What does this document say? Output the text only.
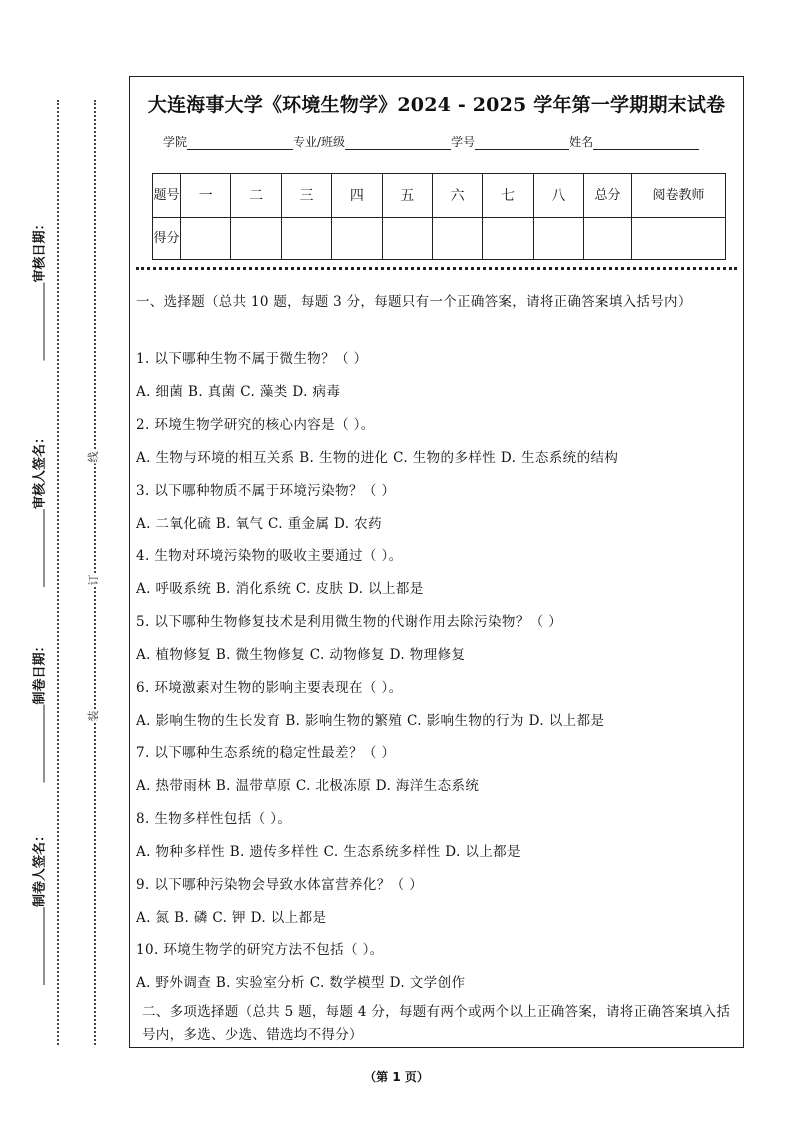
审核日期：
审核人签名：
制卷日期：
制卷人签名：
线
订
装
大连海事大学《环境生物学》2024 - 2025 学年第一学期期末试卷
学院	专业/班级	学号	姓名
题号	一	二	三	四	五	六	七	八	总分	阅卷教师
得分										
一、选择题（总共 10 题，每题 3 分，每题只有一个正确答案，请将正确答案填入括号内）
1. 以下哪种生物不属于微生物？（ ）
A. 细菌 B. 真菌 C. 藻类 D. 病毒
2. 环境生物学研究的核心内容是（ ）。
A. 生物与环境的相互关系 B. 生物的进化 C. 生物的多样性 D. 生态系统的结构
3. 以下哪种物质不属于环境污染物？（ ）
A. 二氧化硫 B. 氧气 C. 重金属 D. 农药
4. 生物对环境污染物的吸收主要通过（ ）。
A. 呼吸系统 B. 消化系统 C. 皮肤 D. 以上都是
5. 以下哪种生物修复技术是利用微生物的代谢作用去除污染物？（ ）
A. 植物修复 B. 微生物修复 C. 动物修复 D. 物理修复
6. 环境激素对生物的影响主要表现在（ ）。
A. 影响生物的生长发育 B. 影响生物的繁殖 C. 影响生物的行为 D. 以上都是
7. 以下哪种生态系统的稳定性最差？（ ）
A. 热带雨林 B. 温带草原 C. 北极冻原 D. 海洋生态系统
8. 生物多样性包括（ ）。
A. 物种多样性 B. 遗传多样性 C. 生态系统多样性 D. 以上都是
9. 以下哪种污染物会导致水体富营养化？（ ）
A. 氮 B. 磷 C. 钾 D. 以上都是
10. 环境生物学的研究方法不包括（ ）。
A. 野外调查 B. 实验室分析 C. 数学模型 D. 文学创作
二、多项选择题（总共 5 题，每题 4 分，每题有两个或两个以上正确答案，请将正确答案填入括号内，多选、少选、错选均不得分）
（第 1 页）
